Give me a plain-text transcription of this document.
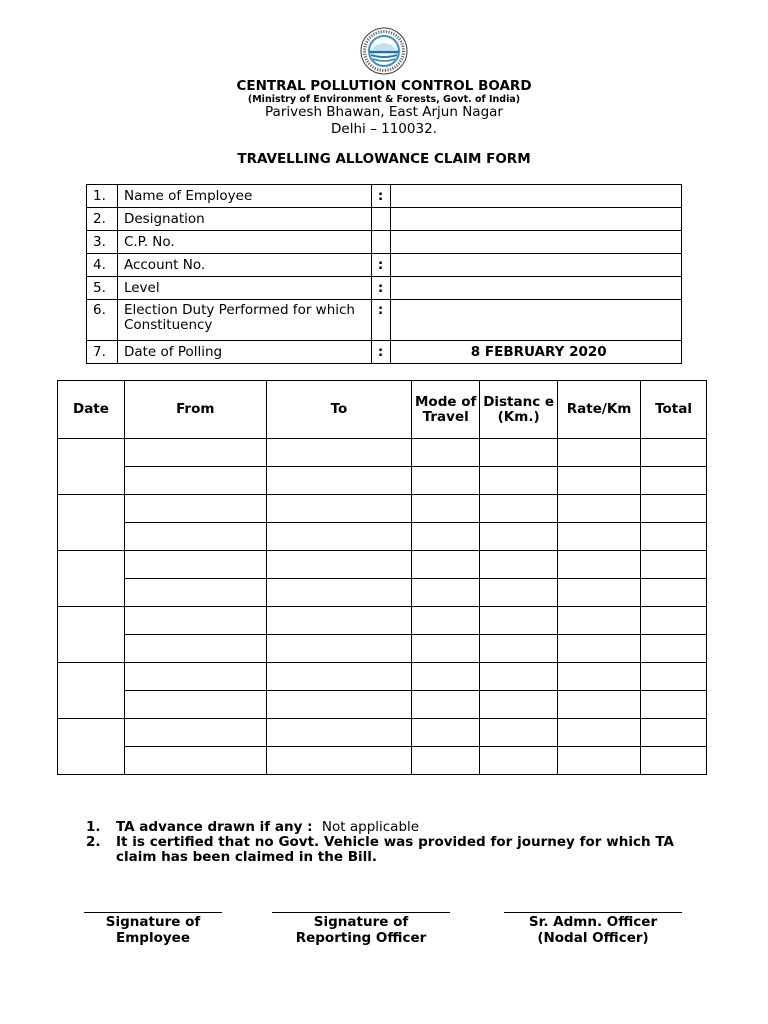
CENTRAL POLLUTION CONTROL BOARD
(Ministry of Environment & Forests, Govt. of India)
Parivesh Bhawan, East Arjun Nagar
Delhi – 110032.
TRAVELLING ALLOWANCE CLAIM FORM
1.	Name of Employee	:	
2.	Designation		
3.	C.P. No.		
4.	Account No.	:	
5.	Level	:	
6.	Election Duty Performed for which Constituency	:	
7.	Date of Polling	:	8 FEBRUARY 2020
Date	From	To	Mode of Travel	Distanc e (Km.)	Rate/Km	Total

1. TA advance drawn if any : Not applicable
2. It is certified that no Govt. Vehicle was provided for journey for which TA claim has been claimed in the Bill.
Signature of
Employee
Signature of
Reporting Officer
Sr. Admn. Officer
(Nodal Officer)
